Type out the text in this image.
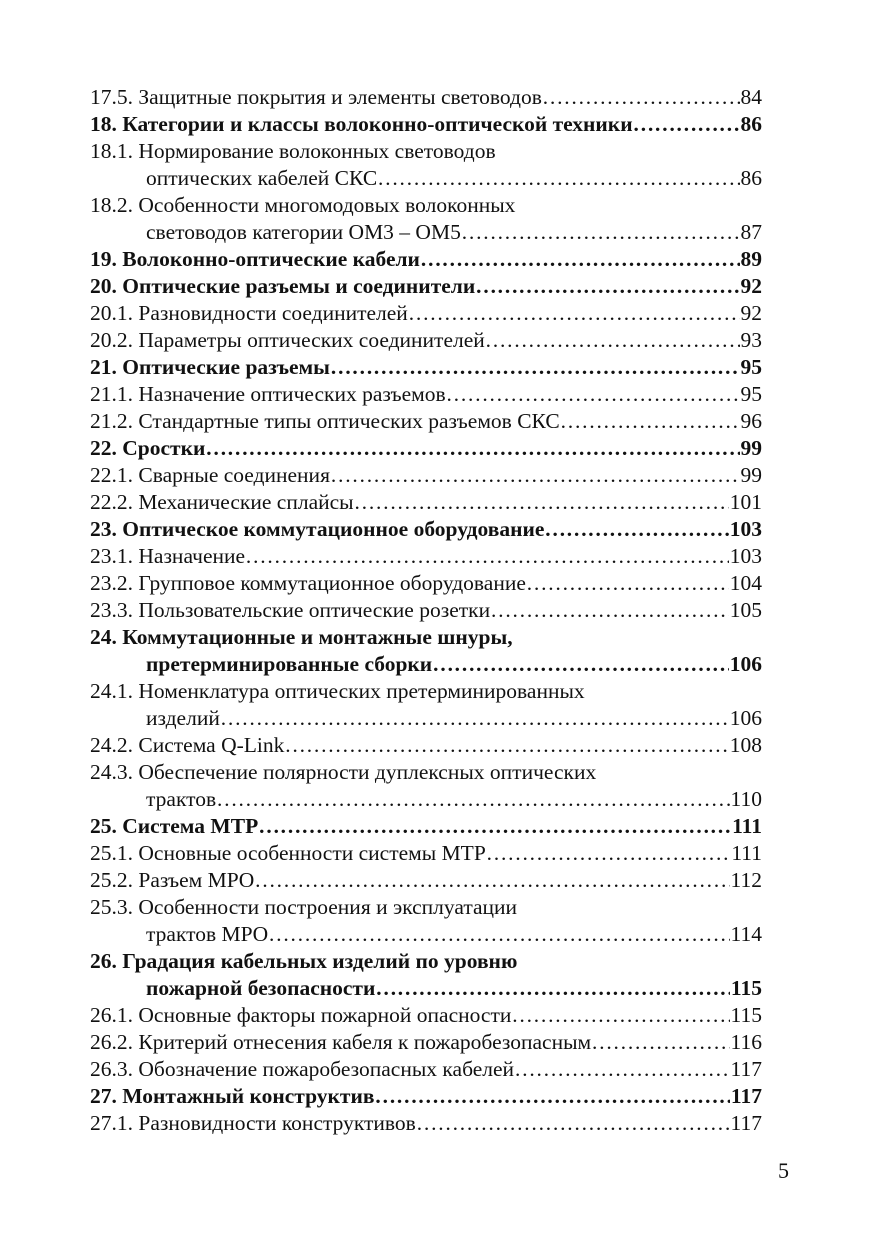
17.5. Защитные покрытия и элементы световодов …………………………………………………………………………………………………………………………………………………………………………………………………………	84
18. Категории и классы волоконно-оптической техники …………………………………………………………………………………………………………………………………………………………………………………………………………	86
18.1. Нормирование волоконных световодов
оптических кабелей СКС …………………………………………………………………………………………………………………………………………………………………………………………………………	86
18.2. Особенности многомодовых волоконных
световодов категории OM3 – OM5 …………………………………………………………………………………………………………………………………………………………………………………………………………	87
19. Волоконно-оптические кабели …………………………………………………………………………………………………………………………………………………………………………………………………………	89
20. Оптические разъемы и соединители …………………………………………………………………………………………………………………………………………………………………………………………………………	92
20.1. Разновидности соединителей …………………………………………………………………………………………………………………………………………………………………………………………………………	92
20.2. Параметры оптических соединителей …………………………………………………………………………………………………………………………………………………………………………………………………………	93
21. Оптические разъемы …………………………………………………………………………………………………………………………………………………………………………………………………………	95
21.1. Назначение оптических разъемов …………………………………………………………………………………………………………………………………………………………………………………………………………	95
21.2. Стандартные типы оптических разъемов СКС …………………………………………………………………………………………………………………………………………………………………………………………………………	96
22. Сростки …………………………………………………………………………………………………………………………………………………………………………………………………………	99
22.1. Сварные соединения …………………………………………………………………………………………………………………………………………………………………………………………………………	99
22.2. Механические сплайсы …………………………………………………………………………………………………………………………………………………………………………………………………………	101
23. Оптическое коммутационное оборудование …………………………………………………………………………………………………………………………………………………………………………………………………………	103
23.1. Назначение …………………………………………………………………………………………………………………………………………………………………………………………………………	103
23.2. Групповое коммутационное оборудование …………………………………………………………………………………………………………………………………………………………………………………………………………	104
23.3. Пользовательские оптические розетки …………………………………………………………………………………………………………………………………………………………………………………………………………	105
24. Коммутационные и монтажные шнуры,
претерминированные сборки …………………………………………………………………………………………………………………………………………………………………………………………………………	106
24.1. Номенклатура оптических претерминированных
изделий …………………………………………………………………………………………………………………………………………………………………………………………………………	106
24.2. Система Q-Link …………………………………………………………………………………………………………………………………………………………………………………………………………	108
24.3. Обеспечение полярности дуплексных оптических
трактов …………………………………………………………………………………………………………………………………………………………………………………………………………	110
25. Система MTP …………………………………………………………………………………………………………………………………………………………………………………………………………	111
25.1. Основные особенности системы MTP …………………………………………………………………………………………………………………………………………………………………………………………………………	111
25.2. Разъем MPO …………………………………………………………………………………………………………………………………………………………………………………………………………	112
25.3. Особенности построения и эксплуатации
трактов MPO …………………………………………………………………………………………………………………………………………………………………………………………………………	114
26. Градация кабельных изделий по уровню
пожарной безопасности …………………………………………………………………………………………………………………………………………………………………………………………………………	115
26.1. Основные факторы пожарной опасности …………………………………………………………………………………………………………………………………………………………………………………………………………	115
26.2. Критерий отнесения кабеля к пожаробезопасным …………………………………………………………………………………………………………………………………………………………………………………………………………	116
26.3. Обозначение пожаробезопасных кабелей …………………………………………………………………………………………………………………………………………………………………………………………………………	117
27. Монтажный конструктив …………………………………………………………………………………………………………………………………………………………………………………………………………	117
27.1. Разновидности конструктивов …………………………………………………………………………………………………………………………………………………………………………………………………………	117
5
